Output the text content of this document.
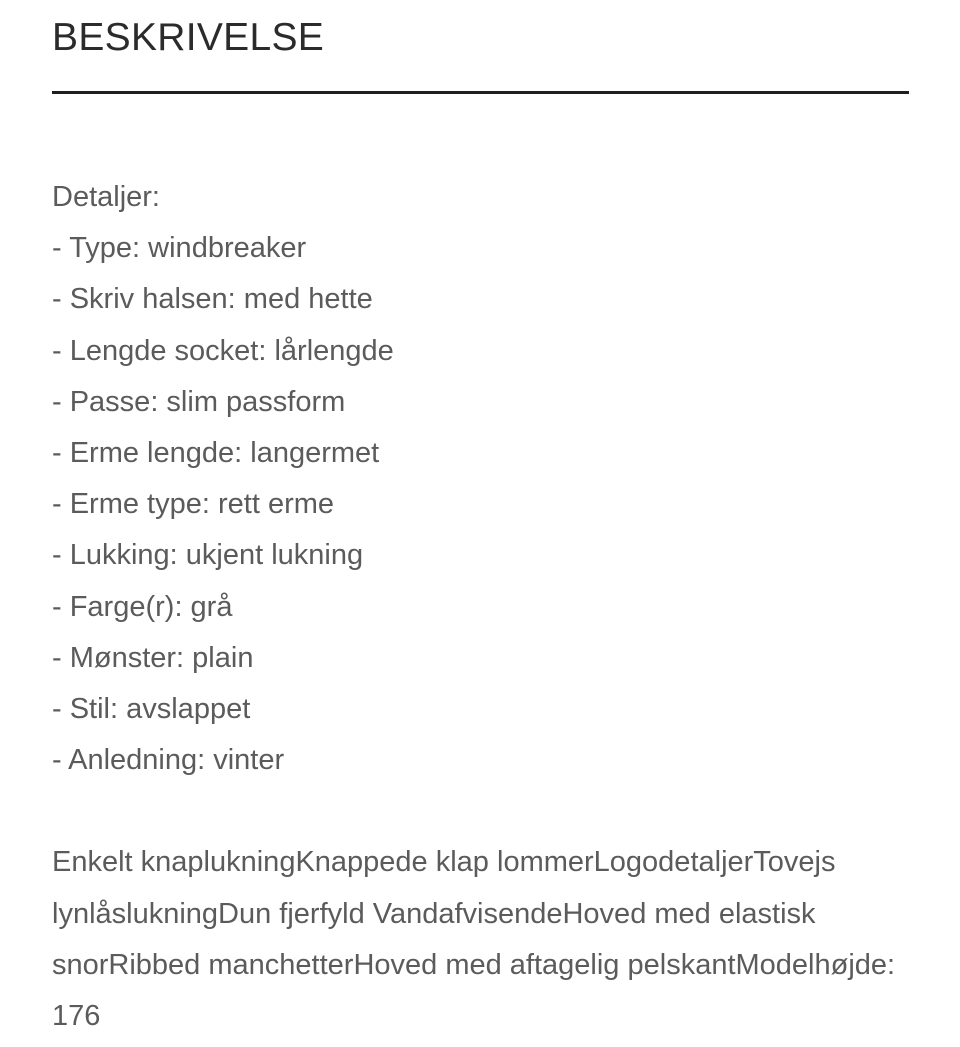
BESKRIVELSE

Detaljer:

- Type: windbreaker
- Skriv halsen: med hette
- Lengde socket: lårlengde
- Passe: slim passform
- Erme lengde: langermet
- Erme type: rett erme
- Lukking: ukjent lukning
- Farge(r): grå
- Mønster: plain
- Stil: avslappet
- Anledning: vinter

Enkelt knaplukningKnappede klap lommerLogodetaljerTovejs lynlåslukningDun fjerfyld VandafvisendeHoved med elastisk snorRibbed manchetterHoved med aftagelig pelskantModelhøjde: 176
